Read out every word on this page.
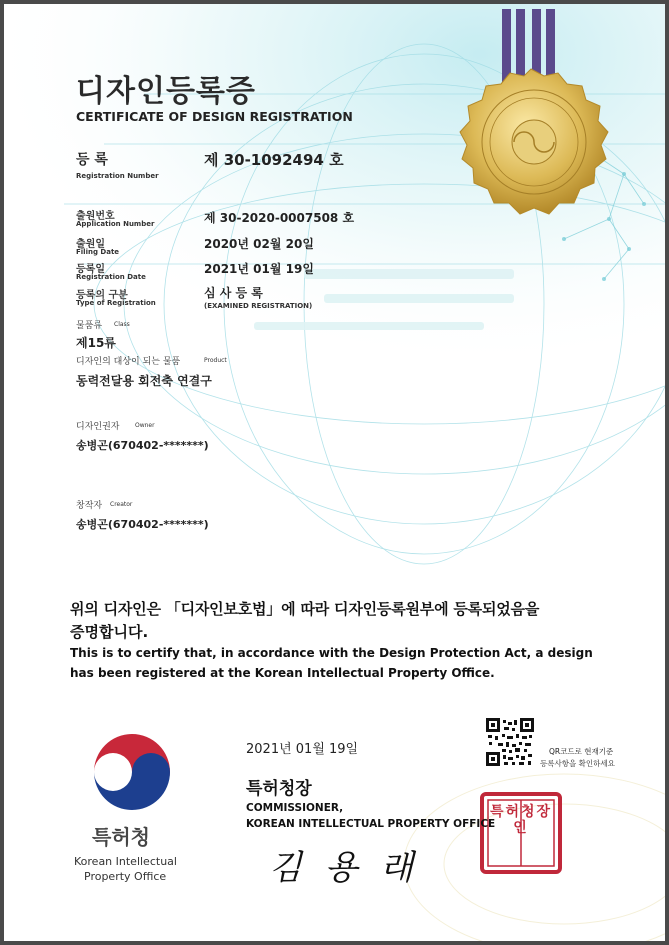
디자인등록증
CERTIFICATE OF DESIGN REGISTRATION
등 록
Registration Number
제 30-1092494 호
출원번호
Application Number	제 30-2020-0007508 호
출원일
Filing Date
2020년 02월 20일
등록일
Registration Date
2021년 01월 19일
등록의 구분
Type of Registration
심 사 등 록
(EXAMINED REGISTRATION)
물품류 Class
제15류
디자인의 대상이 되는 물품	Product
동력전달용 회전축 연결구
디자인권자	Owner
송병곤(670402-*******)
창작자 Creator
송병곤(670402-*******)
위의 디자인은 「디자인보호법」에 따라 디자인등록원부에 등록되었음을
증명합니다.
This is to certify that, in accordance with the Design Protection Act, a design
has been registered at the Korean Intellectual Property Office.
2021년 01월 19일	QR코드로 현재기준
등록사항을 확인하세요
특허청장
COMMISSIONER,
KOREAN INTELLECTUAL PROPERTY OFFICE
김 용 래
특허청장인
특허청
Korean Intellectual
Property Office
